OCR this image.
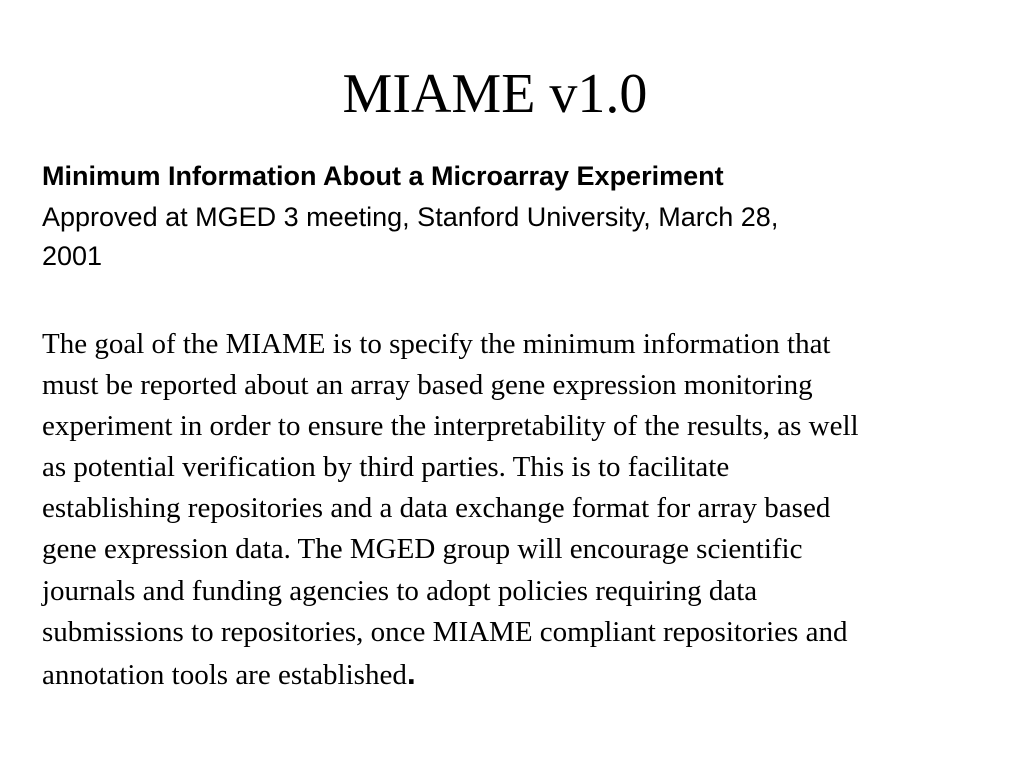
MIAME v1.0

Minimum Information About a Microarray Experiment

Approved at MGED 3 meeting, Stanford University, March 28,
2001
The goal of the MIAME is to specify the minimum information that
must be reported about an array based gene expression monitoring
experiment in order to ensure the interpretability of the results, as well
as potential verification by third parties. This is to facilitate
establishing repositories and a data exchange format for array based
gene expression data. The MGED group will encourage scientific
journals and funding agencies to adopt policies requiring data
submissions to repositories, once MIAME compliant repositories and
annotation tools are established.
